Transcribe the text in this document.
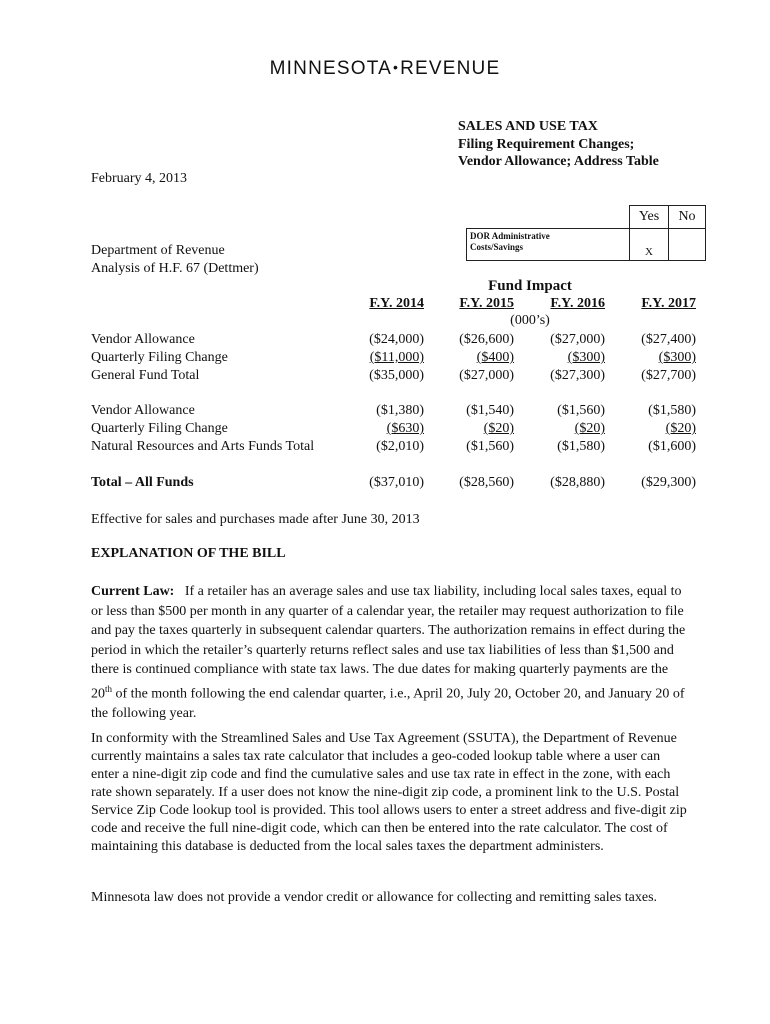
MINNESOTA•REVENUE
SALES AND USE TAX
Filing Requirement Changes;
Vendor Allowance; Address Table
February 4, 2013
	Yes	No

DOR Administrative
Costs/Savings	X	
Department of Revenue
Analysis of H.F. 67 (Dettmer)
Fund Impact
F.Y. 2014	F.Y. 2015	F.Y. 2016	F.Y. 2017
(000’s)
Vendor Allowance	($24,000)	($26,600)	($27,000)	($27,400)
Quarterly Filing Change	($11,000)	($400)	($300)	($300)
General Fund Total	($35,000)	($27,000)	($27,300)	($27,700)
Vendor Allowance	($1,380)	($1,540)	($1,560)	($1,580)
Quarterly Filing Change	($630)	($20)	($20)	($20)
Natural Resources and Arts Funds Total	($2,010)	($1,560)	($1,580)	($1,600)
Total – All Funds	($37,010)	($28,560)	($28,880)	($29,300)
Effective for sales and purchases made after June 30, 2013
EXPLANATION OF THE BILL
Current Law: If a retailer has an average sales and use tax liability, including local sales taxes, equal to or less than $500 per month in any quarter of a calendar year, the retailer may request authorization to file and pay the taxes quarterly in subsequent calendar quarters. The authorization remains in effect during the period in which the retailer’s quarterly returns reflect sales and use tax liabilities of less than $1,500 and there is continued compliance with state tax laws. The due dates for making quarterly payments are the 20th of the month following the end calendar quarter, i.e., April 20, July 20, October 20, and January 20 of the following year.
In conformity with the Streamlined Sales and Use Tax Agreement (SSUTA), the Department of Revenue currently maintains a sales tax rate calculator that includes a geo-coded lookup table where a user can enter a nine-digit zip code and find the cumulative sales and use tax rate in effect in the zone, with each rate shown separately. If a user does not know the nine-digit zip code, a prominent link to the U.S. Postal Service Zip Code lookup tool is provided. This tool allows users to enter a street address and five-digit zip code and receive the full nine-digit code, which can then be entered into the rate calculator. The cost of maintaining this database is deducted from the local sales taxes the department administers.
Minnesota law does not provide a vendor credit or allowance for collecting and remitting sales taxes.
